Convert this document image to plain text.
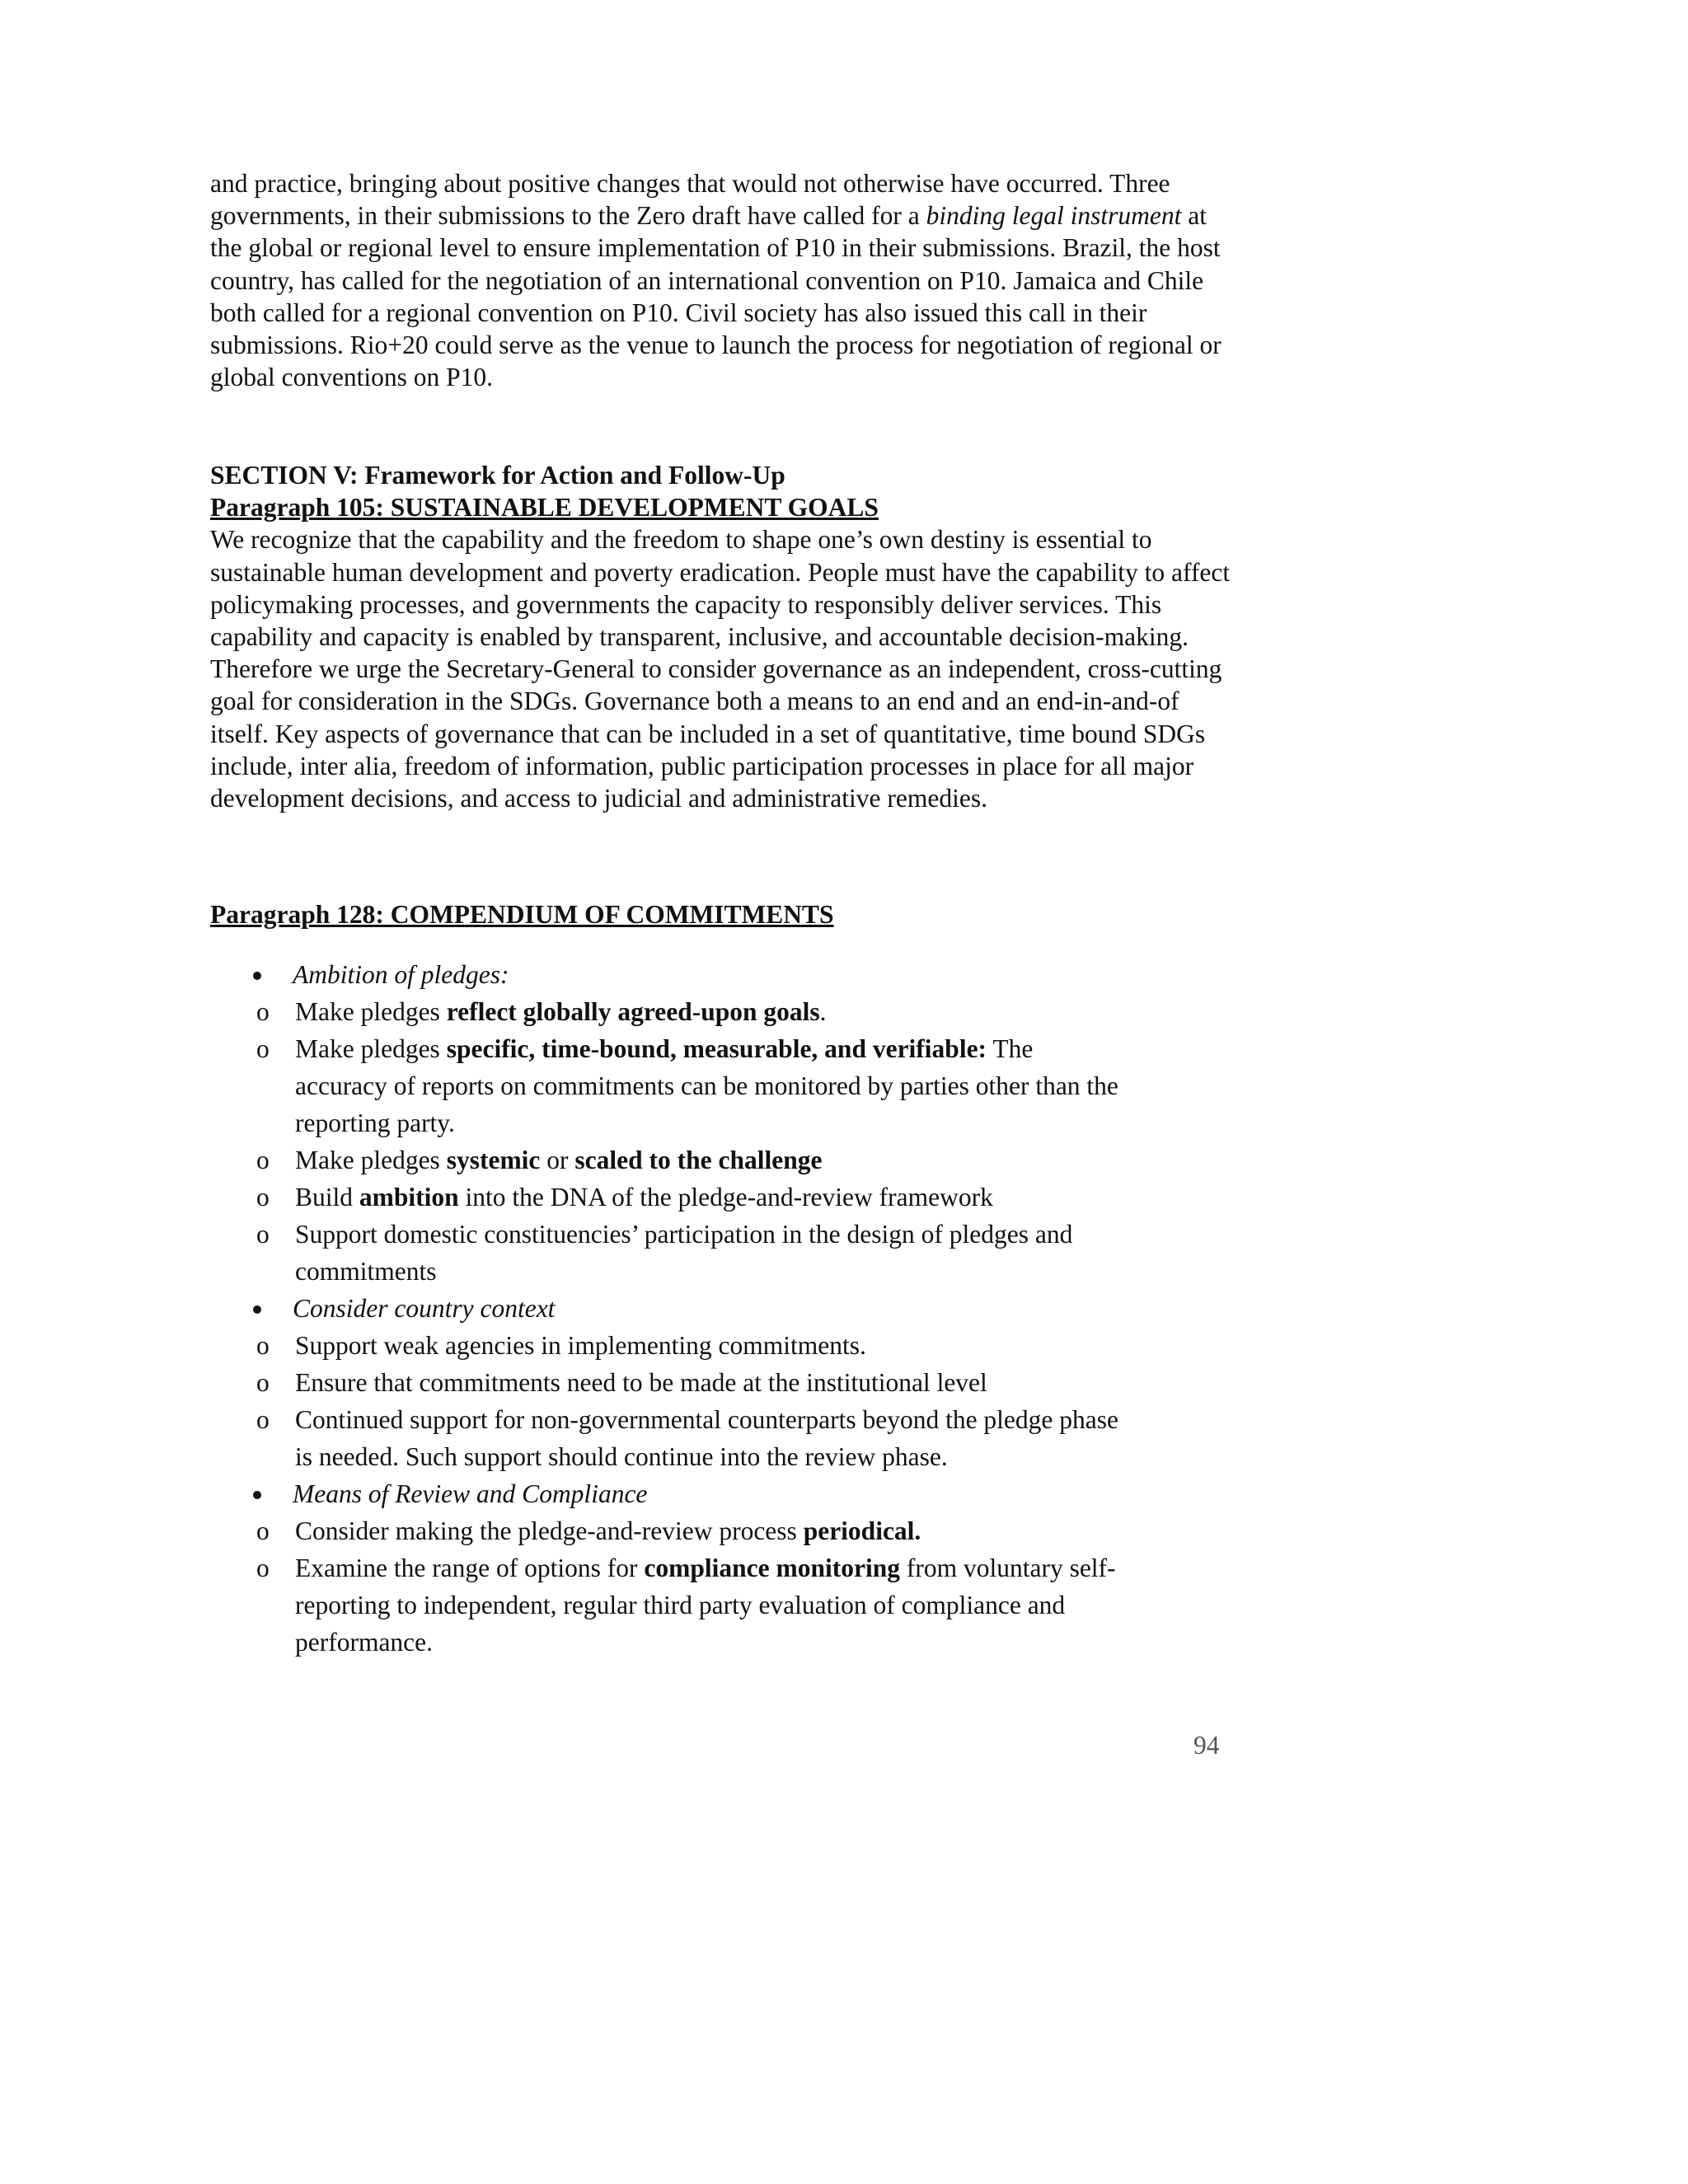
and practice, bringing about positive changes that would not otherwise have occurred. Three governments, in their submissions to the Zero draft have called for a binding legal instrument at the global or regional level to ensure implementation of P10 in their submissions. Brazil, the host country, has called for the negotiation of an international convention on P10. Jamaica and Chile both called for a regional convention on P10. Civil society has also issued this call in their submissions. Rio+20 could serve as the venue to launch the process for negotiation of regional or global conventions on P10.

SECTION V: Framework for Action and Follow-Up
Paragraph 105: SUSTAINABLE DEVELOPMENT GOALS

We recognize that the capability and the freedom to shape one’s own destiny is essential to sustainable human development and poverty eradication. People must have the capability to affect policymaking processes, and governments the capacity to responsibly deliver services. This capability and capacity is enabled by transparent, inclusive, and accountable decision-making. Therefore we urge the Secretary-General to consider governance as an independent, cross-cutting goal for consideration in the SDGs. Governance both a means to an end and an end-in-and-of itself. Key aspects of governance that can be included in a set of quantitative, time bound SDGs include, inter alia, freedom of information, public participation processes in place for all major development decisions, and access to judicial and administrative remedies.

Paragraph 128: COMPENDIUM OF COMMITMENTS
Ambition of pledges:
o Make pledges reflect globally agreed-upon goals.
o Make pledges specific, time-bound, measurable, and verifiable: The accuracy of reports on commitments can be monitored by parties other than the reporting party.
o Make pledges systemic or scaled to the challenge
o Build ambition into the DNA of the pledge-and-review framework
o Support domestic constituencies’ participation in the design of pledges and commitments
Consider country context
o Support weak agencies in implementing commitments.
o Ensure that commitments need to be made at the institutional level
o Continued support for non-governmental counterparts beyond the pledge phase is needed. Such support should continue into the review phase.
Means of Review and Compliance
o Consider making the pledge-and-review process periodical.
o Examine the range of options for compliance monitoring from voluntary self-reporting to independent, regular third party evaluation of compliance and performance.
94
